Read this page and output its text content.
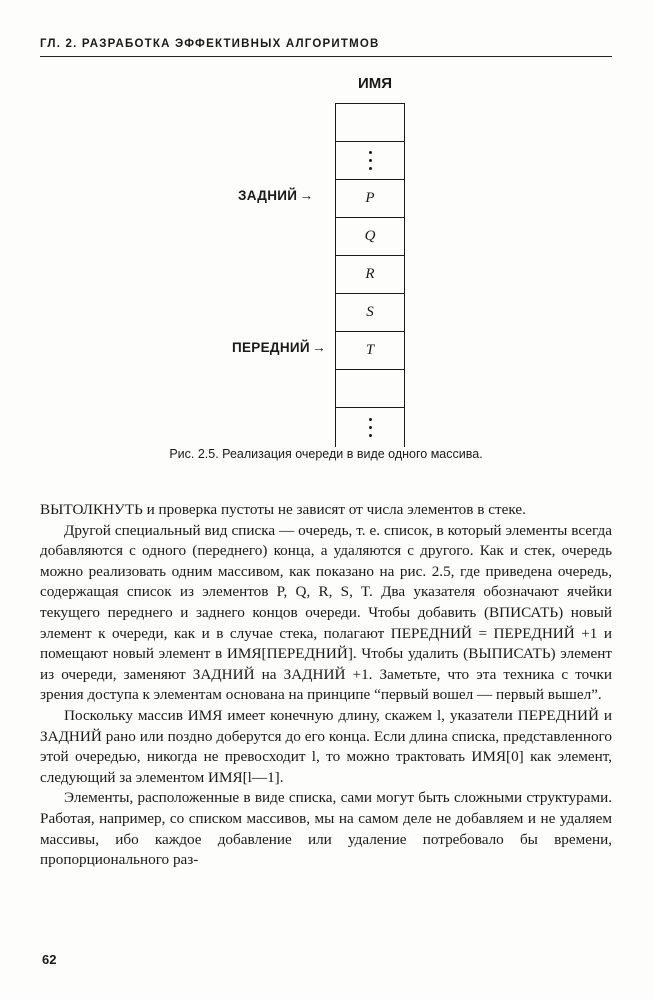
ГЛ. 2. РАЗРАБОТКА ЭФФЕКТИВНЫХ АЛГОРИТМОВ
ИМЯ
P
Q
R
S
T
ЗАДНИЙ →
ПЕРЕДНИЙ →
Рис. 2.5. Реализация очереди в виде одного массива.

ВЫТОЛКНУТЬ и проверка пустоты не зависят от числа элементов в стеке.

Другой специальный вид списка — очередь, т. е. список, в который элементы всегда добавляются с одного (переднего) конца, а удаляются с другого. Как и стек, очередь можно реализовать одним массивом, как показано на рис. 2.5, где приведена очередь, содержащая список из элементов P, Q, R, S, T. Два указателя обозначают ячейки текущего переднего и заднего концов очереди. Чтобы добавить (ВПИСАТЬ) новый элемент к очереди, как и в случае стека, полагают ПЕРЕДНИЙ = ПЕРЕДНИЙ +1 и помещают новый элемент в ИМЯ[ПЕРЕДНИЙ]. Чтобы удалить (ВЫПИСАТЬ) элемент из очереди, заменяют ЗАДНИЙ на ЗАДНИЙ +1. Заметьте, что эта техника с точки зрения доступа к элементам основана на принципе “первый вошел — первый вышел”.

Поскольку массив ИМЯ имеет конечную длину, скажем l, указатели ПЕРЕДНИЙ и ЗАДНИЙ рано или поздно доберутся до его конца. Если длина списка, представленного этой очередью, никогда не превосходит l, то можно трактовать ИМЯ[0] как элемент, следующий за элементом ИМЯ[l—1].

Элементы, расположенные в виде списка, сами могут быть сложными структурами. Работая, например, со списком массивов, мы на самом деле не добавляем и не удаляем массивы, ибо каждое добавление или удаление потребовало бы времени, пропорционального раз-

62
